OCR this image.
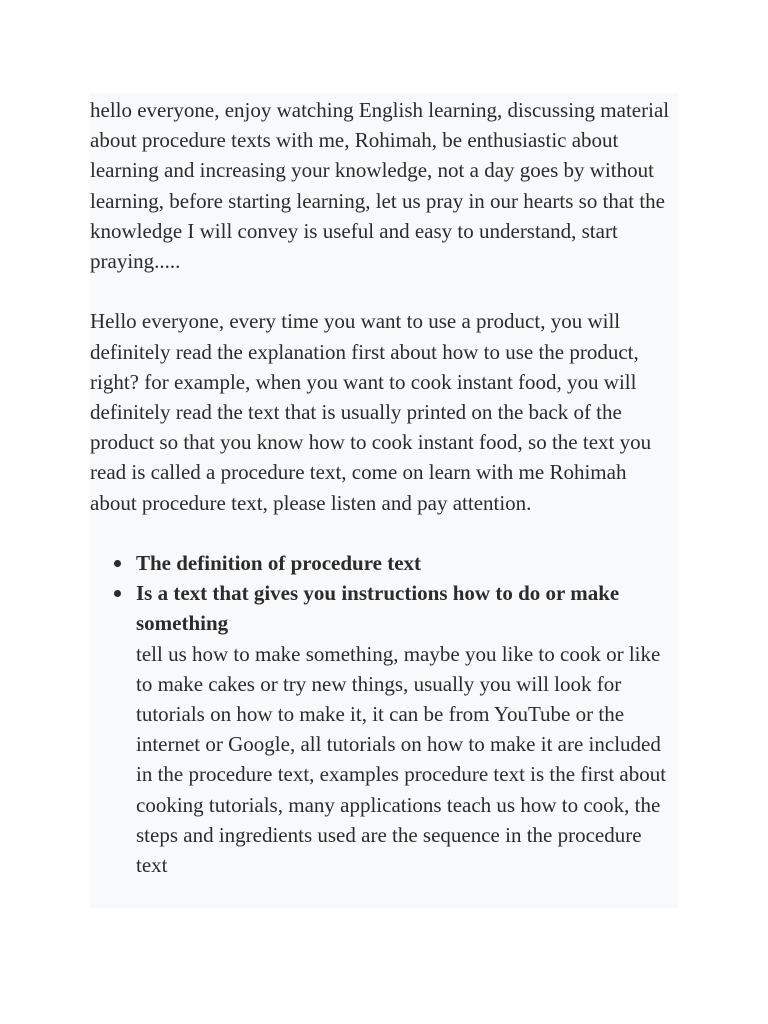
hello everyone, enjoy watching English learning, discussing material about procedure texts with me, Rohimah, be enthusiastic about learning and increasing your knowledge, not a day goes by without learning, before starting learning, let us pray in our hearts so that the knowledge I will convey is useful and easy to understand, start praying.....

Hello everyone, every time you want to use a product, you will definitely read the explanation first about how to use the product, right? for example, when you want to cook instant food, you will definitely read the text that is usually printed on the back of the product so that you know how to cook instant food, so the text you read is called a procedure text, come on learn with me Rohimah about procedure text, please listen and pay attention.

The definition of procedure text
Is a text that gives you instructions how to do or make something
tell us how to make something, maybe you like to cook or like to make cakes or try new things, usually you will look for tutorials on how to make it, it can be from YouTube or the internet or Google, all tutorials on how to make it are included in the procedure text, examples procedure text is the first about cooking tutorials, many applications teach us how to cook, the steps and ingredients used are the sequence in the procedure text
